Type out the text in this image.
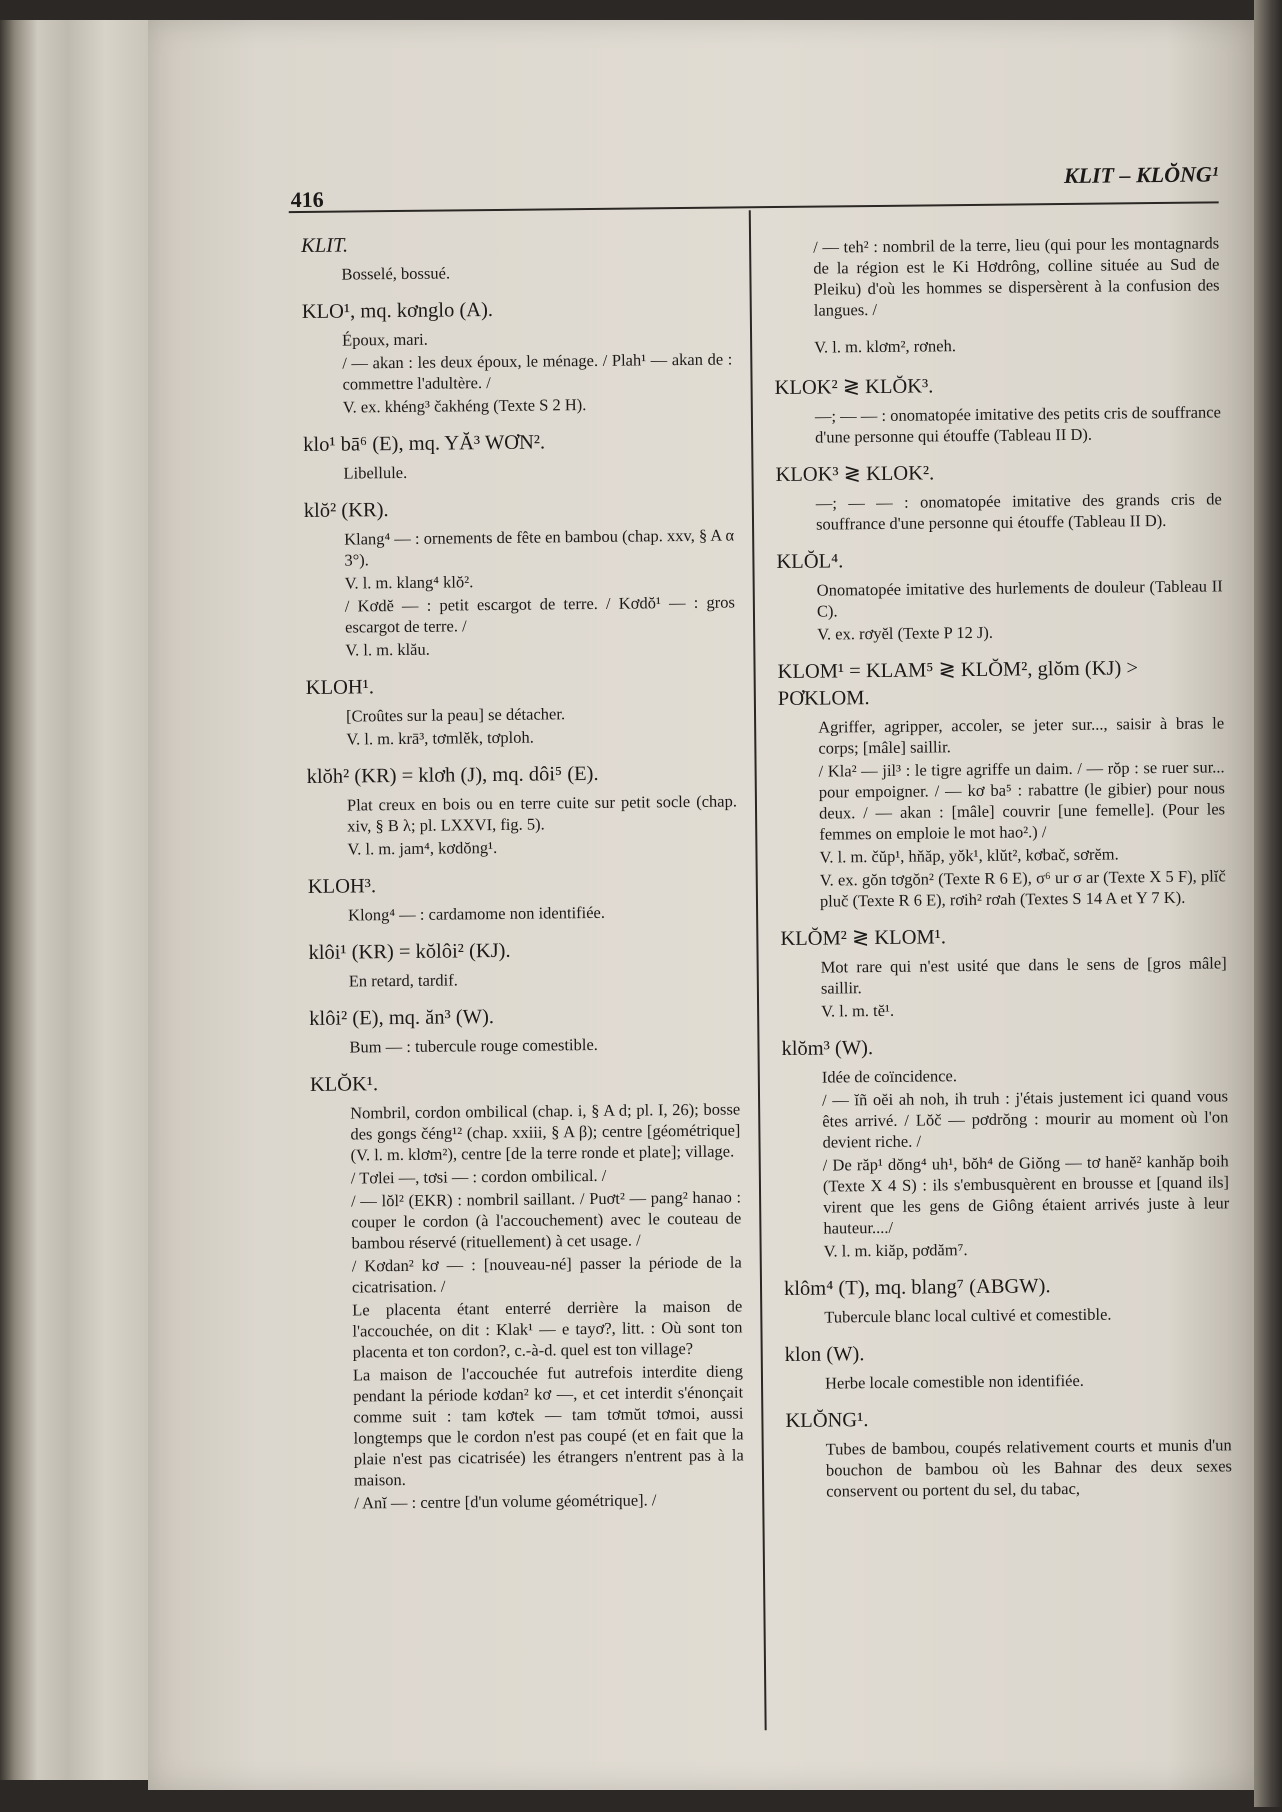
416
KLIT – KLŎNG¹
KLIT.

Bosselé, bossué.

KLO¹, mq. kơnglo (A).

Époux, mari.

/ — akan : les deux époux, le ménage. / Plah¹ — akan de : commettre l'adultère. /

V. ex. khéng³ čakhéng (Texte S 2 H).

klo¹ bā⁶ (E), mq. YĂ³ WƠN².

Libellule.

klŏ² (KR).

Klang⁴ — : ornements de fête en bambou (chap. xxv, § A α 3°).

V. l. m. klang⁴ klŏ².

/ Kơdĕ — : petit escargot de terre. / Kơdŏ¹ — : gros escargot de terre. /

V. l. m. klău.

KLOH¹.

[Croûtes sur la peau] se détacher.

V. l. m. krā³, tơmlĕk, tơploh.

klŏh² (KR) = klơh (J), mq. dôi⁵ (E).

Plat creux en bois ou en terre cuite sur petit socle (chap. xiv, § B λ; pl. LXXVI, fig. 5).

V. l. m. jam⁴, kơdŏng¹.

KLOH³.

Klong⁴ — : cardamome non identifiée.

klôi¹ (KR) = kŏlôi² (KJ).

En retard, tardif.

klôi² (E), mq. ăn³ (W).

Bum — : tubercule rouge comestible.

KLŎK¹.

Nombril, cordon ombilical (chap. i, § A d; pl. I, 26); bosse des gongs čéng¹² (chap. xxiii, § A β); centre [géométrique] (V. l. m. klơm²), centre [de la terre ronde et plate]; village.

/ Tơlei —, tơsi — : cordon ombilical. /

/ — lŏl² (EKR) : nombril saillant. / Puơt² — pang² hanao : couper le cordon (à l'accouchement) avec le couteau de bambou réservé (rituellement) à cet usage. /

/ Kơdan² kơ — : [nouveau-né] passer la période de la cicatrisation. /

Le placenta étant enterré derrière la maison de l'accouchée, on dit : Klak¹ — e tayơ?, litt. : Où sont ton placenta et ton cordon?, c.-à-d. quel est ton village?

La maison de l'accouchée fut autrefois interdite dieng pendant la période kơdan² kơ —, et cet interdit s'énonçait comme suit : tam kơtek — tam tơmŭt tơmoi, aussi longtemps que le cordon n'est pas coupé (et en fait que la plaie n'est pas cicatrisée) les étrangers n'entrent pas à la maison.

/ Anĭ — : centre [d'un volume géométrique]. /

/ — teh² : nombril de la terre, lieu (qui pour les montagnards de la région est le Ki Hơdrông, colline située au Sud de Pleiku) d'où les hommes se dispersèrent à la confusion des langues. /

V. l. m. klơm², rơneh.

KLOK² ≷ KLŎK³.

—; — — : onomatopée imitative des petits cris de souffrance d'une personne qui étouffe (Tableau II D).

KLOK³ ≷ KLOK².

—; — — : onomatopée imitative des grands cris de souffrance d'une personne qui étouffe (Tableau II D).

KLŎL⁴.

Onomatopée imitative des hurlements de douleur (Tableau II C).

V. ex. rơyĕl (Texte P 12 J).

KLOM¹ = KLAM⁵ ≷ KLŎM², glŏm (KJ) > PƠKLOM.

Agriffer, agripper, accoler, se jeter sur..., saisir à bras le corps; [mâle] saillir.

/ Kla² — jil³ : le tigre agriffe un daim. / — rŏp : se ruer sur... pour empoigner. / — kơ ba⁵ : rabattre (le gibier) pour nous deux. / — akan : [mâle] couvrir [une femelle]. (Pour les femmes on emploie le mot hao².) /

V. l. m. čŭp¹, hňăp, yŏk¹, klŭt², kơbač, sơrĕm.

V. ex. gŏn tơgŏn² (Texte R 6 E), σ⁶ ur σ ar (Texte X 5 F), plĭč pluč (Texte R 6 E), rơih² rơah (Textes S 14 A et Y 7 K).

KLŎM² ≷ KLOM¹.

Mot rare qui n'est usité que dans le sens de [gros mâle] saillir.

V. l. m. tĕ¹.

klŏm³ (W).

Idée de coïncidence.

/ — ĭñ oĕi ah noh, ih truh : j'étais justement ici quand vous êtes arrivé. / Lŏč — pơdrŏng : mourir au moment où l'on devient riche. /

/ De răp¹ dŏng⁴ uh¹, bŏh⁴ de Giŏng — tơ hanĕ² kanhăp boih (Texte X 4 S) : ils s'embusquèrent en brousse et [quand ils] virent que les gens de Giông étaient arrivés juste à leur hauteur..../

V. l. m. kiăp, pơdăm⁷.

klôm⁴ (T), mq. blang⁷ (ABGW).

Tubercule blanc local cultivé et comestible.

klon (W).

Herbe locale comestible non identifiée.

KLŎNG¹.

Tubes de bambou, coupés relativement courts et munis d'un bouchon de bambou où les Bahnar des deux sexes conservent ou portent du sel, du tabac,
